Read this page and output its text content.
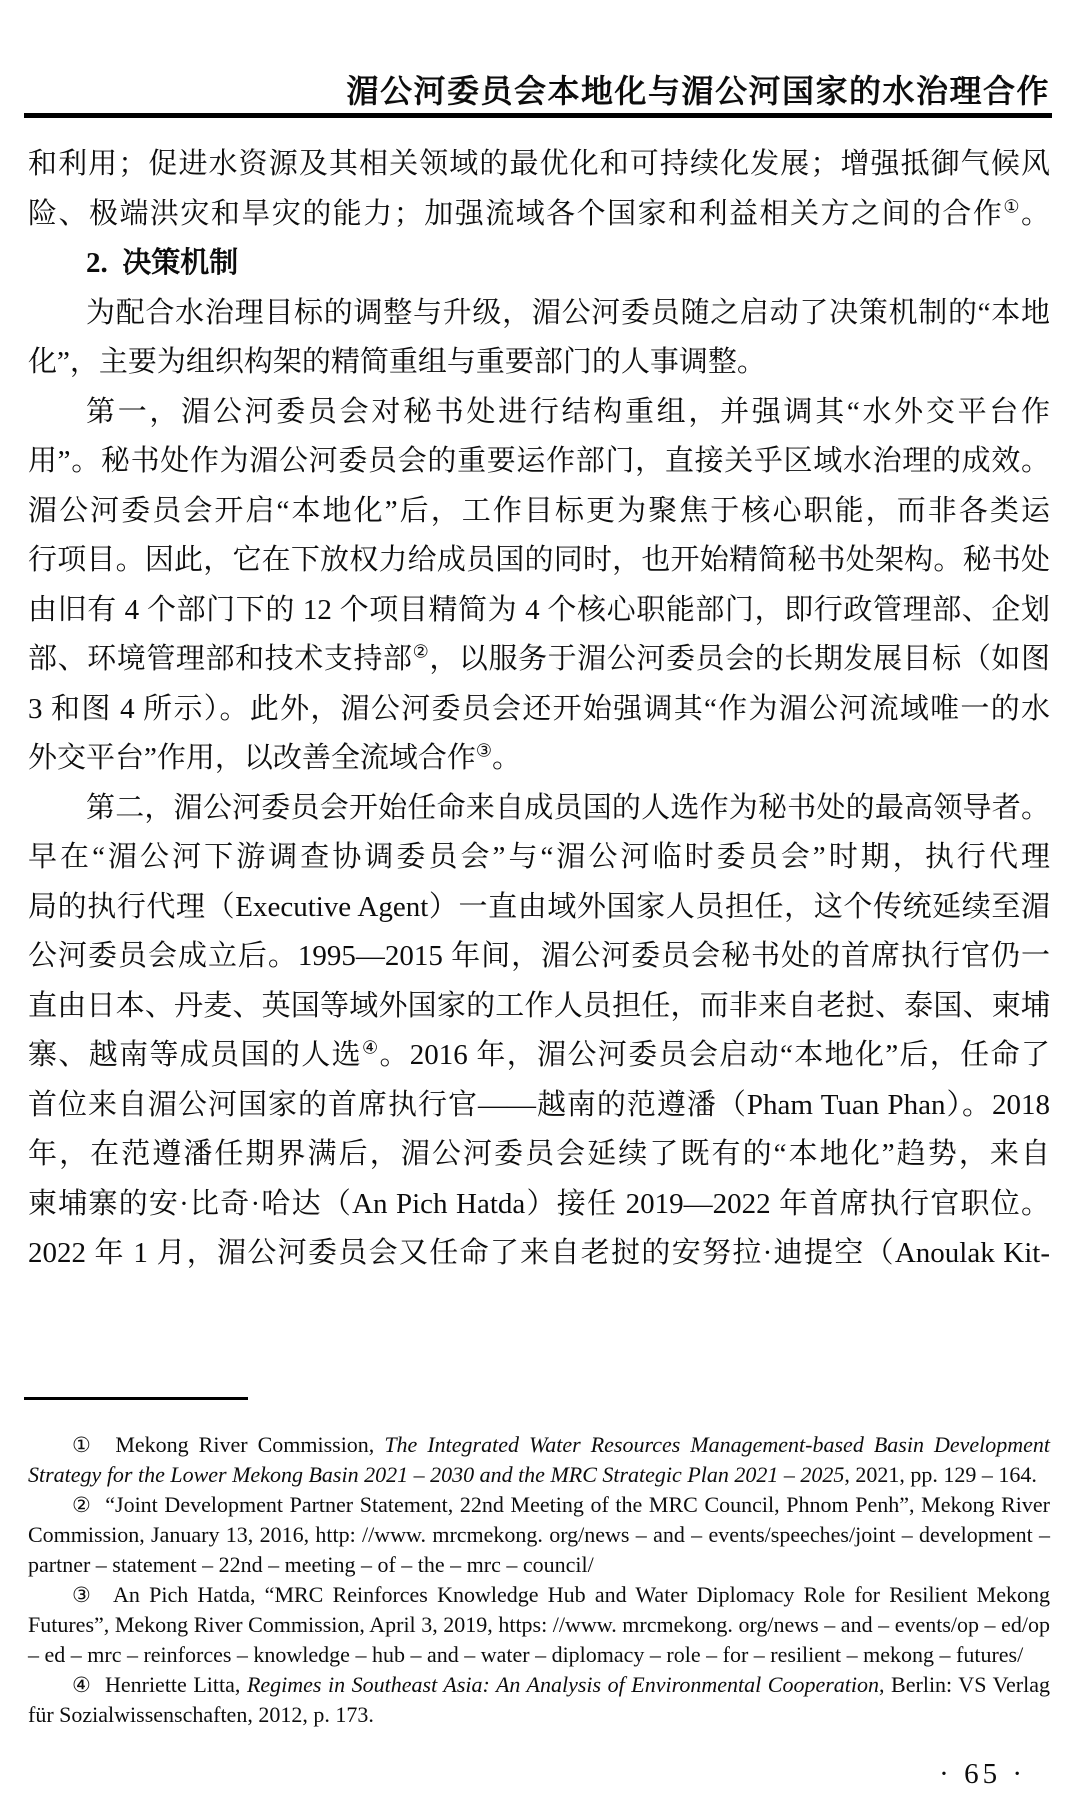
湄公河委员会本地化与湄公河国家的水治理合作
和利用；促进水资源及其相关领域的最优化和可持续化发展；增强抵御气候风
险、极端洪灾和旱灾的能力；加强流域各个国家和利益相关方之间的合作①。
2.  决策机制
为配合水治理目标的调整与升级，湄公河委员随之启动了决策机制的“本地
化”，主要为组织构架的精简重组与重要部门的人事调整。
第一，湄公河委员会对秘书处进行结构重组，并强调其“水外交平台作
用”。秘书处作为湄公河委员会的重要运作部门，直接关乎区域水治理的成效。
湄公河委员会开启“本地化”后，工作目标更为聚焦于核心职能，而非各类运
行项目。因此，它在下放权力给成员国的同时，也开始精简秘书处架构。秘书处
由旧有 4 个部门下的 12 个项目精简为 4 个核心职能部门，即行政管理部、企划
部、环境管理部和技术支持部②，以服务于湄公河委员会的长期发展目标（如图
3 和图 4 所示）。此外，湄公河委员会还开始强调其“作为湄公河流域唯一的水
外交平台”作用，以改善全流域合作③。
第二，湄公河委员会开始任命来自成员国的人选作为秘书处的最高领导者。
早在“湄公河下游调查协调委员会”与“湄公河临时委员会”时期，执行代理
局的执行代理（Executive Agent）一直由域外国家人员担任，这个传统延续至湄
公河委员会成立后。1995—2015 年间，湄公河委员会秘书处的首席执行官仍一
直由日本、丹麦、英国等域外国家的工作人员担任，而非来自老挝、泰国、柬埔
寨、越南等成员国的人选④。2016 年，湄公河委员会启动“本地化”后，任命了
首位来自湄公河国家的首席执行官——越南的范遵潘（Pham Tuan Phan）。2018
年，在范遵潘任期界满后，湄公河委员会延续了既有的“本地化”趋势，来自
柬埔寨的安·比奇·哈达（An Pich Hatda）接任 2019—2022 年首席执行官职位。
2022 年 1 月，湄公河委员会又任命了来自老挝的安努拉·迪提空（Anoulak Kit-

①  Mekong River Commission, The Integrated Water Resources Management-based Basin Development Strategy for the Lower Mekong Basin 2021 – 2030 and the MRC Strategic Plan 2021 – 2025, 2021, pp. 129 – 164.

②  “Joint Development Partner Statement, 22nd Meeting of the MRC Council, Phnom Penh”, Mekong River Commission, January 13, 2016, http: //www. mrcmekong. org/news – and – events/speeches/joint – development – partner – statement – 22nd – meeting – of – the – mrc – council/

③  An Pich Hatda, “MRC Reinforces Knowledge Hub and Water Diplomacy Role for Resilient Mekong Futures”, Mekong River Commission, April 3, 2019, https: //www. mrcmekong. org/news – and – events/op – ed/op – ed – mrc – reinforces – knowledge – hub – and – water – diplomacy – role – for – resilient – mekong – futures/

④  Henriette Litta, Regimes in Southeast Asia: An Analysis of Environmental Cooperation, Berlin: VS Verlag für Sozialwissenschaften, 2012, p. 173.

· 65 ·
